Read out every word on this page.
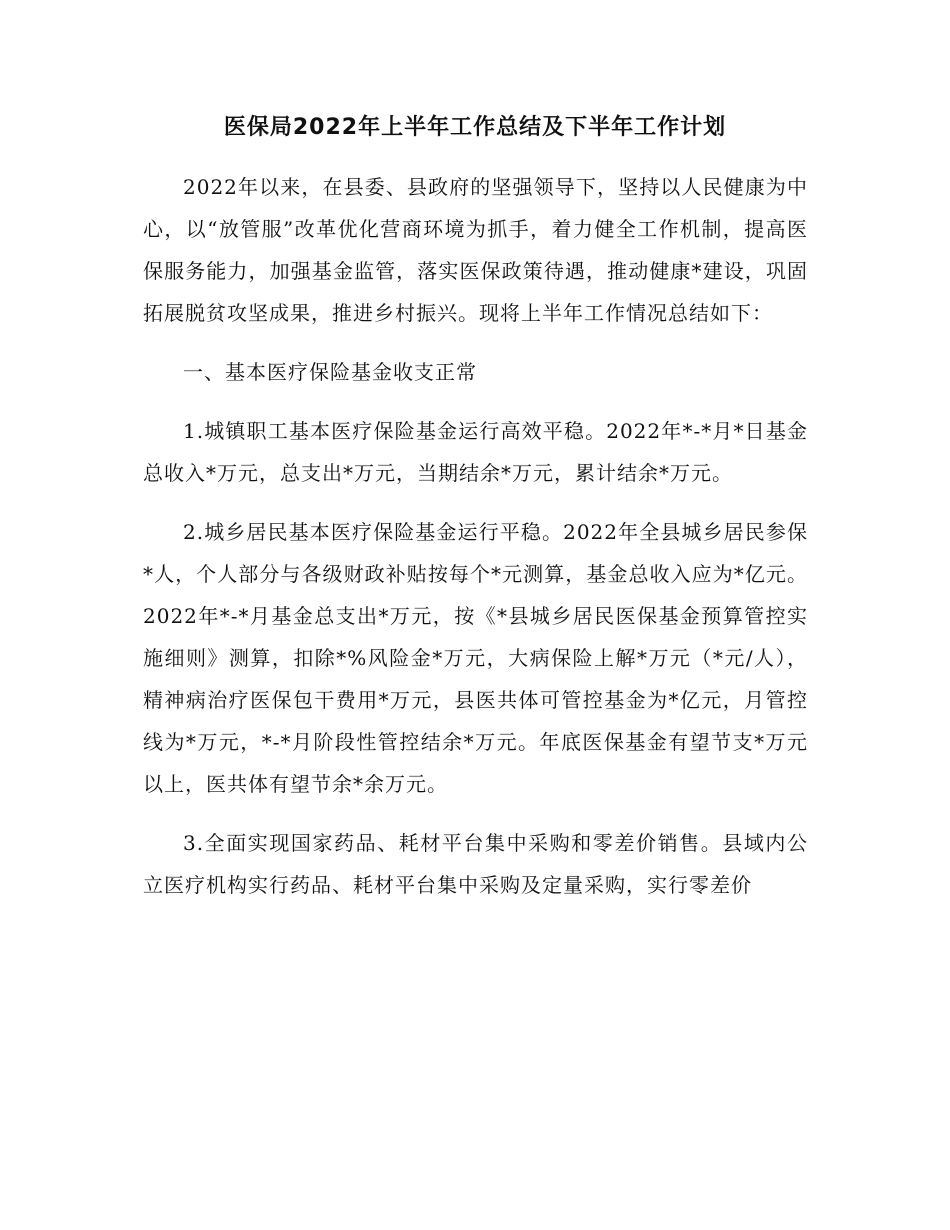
医保局2022年上半年工作总结及下半年工作计划

2022年以来，在县委、县政府的坚强领导下，坚持以人民健康为中心，以“放管服”改革优化营商环境为抓手，着力健全工作机制，提高医保服务能力，加强基金监管，落实医保政策待遇，推动健康*建设，巩固拓展脱贫攻坚成果，推进乡村振兴。现将上半年工作情况总结如下：

一、基本医疗保险基金收支正常

1.城镇职工基本医疗保险基金运行高效平稳。2022年*-*月*日基金总收入*万元，总支出*万元，当期结余*万元，累计结余*万元。

2.城乡居民基本医疗保险基金运行平稳。2022年全县城乡居民参保*人，个人部分与各级财政补贴按每个*元测算，基金总收入应为*亿元。2022年*-*月基金总支出*万元，按《*县城乡居民医保基金预算管控实施细则》测算，扣除*%风险金*万元，大病保险上解*万元（*元/人），精神病治疗医保包干费用*万元，县医共体可管控基金为*亿元，月管控线为*万元，*-*月阶段性管控结余*万元。年底医保基金有望节支*万元以上，医共体有望节余*余万元。

3.全面实现国家药品、耗材平台集中采购和零差价销售。县域内公立医疗机构实行药品、耗材平台集中采购及定量采购，实行零差价
